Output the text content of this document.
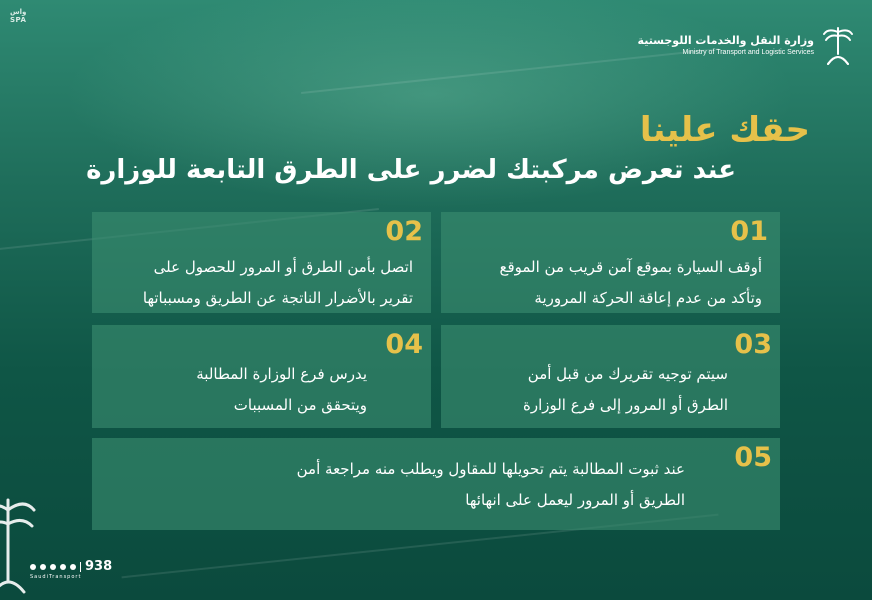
واس
SPA
وزارة النقل والخدمات اللوجستية
Ministry of Transport and Logistic Services
حقك علينا
عند تعرض مركبتك لضرر على الطرق التابعة للوزارة
01
أوقف السيارة بموقع آمن قريب من الموقع
وتأكد من عدم إعاقة الحركة المرورية
02
اتصل بأمن الطرق أو المرور للحصول على
تقرير بالأضرار الناتجة عن الطريق ومسبباتها
03
سيتم توجيه تقريرك من قبل أمن
الطرق أو المرور إلى فرع الوزارة
04
يدرس فرع الوزارة المطالبة
ويتحقق من المسببات
05
عند ثبوت المطالبة يتم تحويلها للمقاول ويطلب منه مراجعة أمن
الطريق أو المرور ليعمل على انهائها
938
SaudiTransport
